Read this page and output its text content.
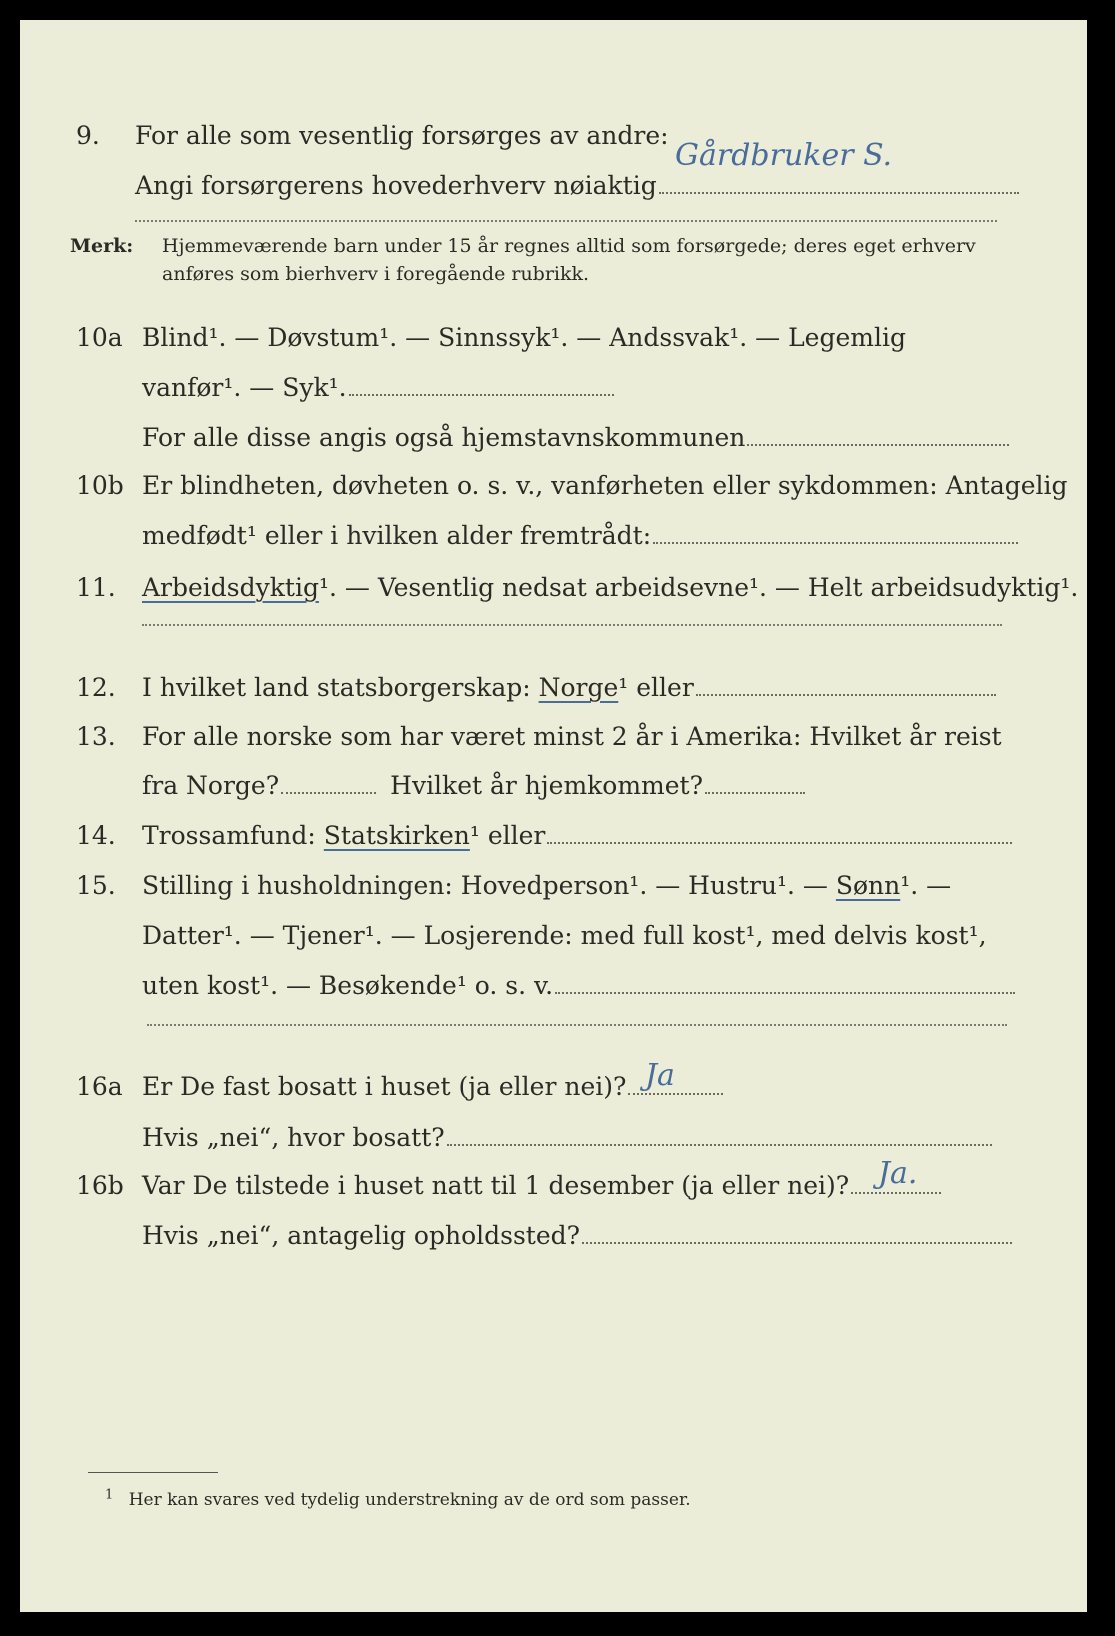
9. For alle som vesentlig forsørges av andre:
Angi forsørgerens hovederhverv nøiaktig
Gårdbruker S.
Merk: Hjemmeværende barn under 15 år regnes alltid som forsørgede; deres eget erhverv
anføres som bierhverv i foregående rubrikk.
10a Blind¹. — Døvstum¹. — Sinnssyk¹. — Andssvak¹. — Legemlig
vanfør¹. — Syk¹.
For alle disse angis også hjemstavnskommunen
10b Er blindheten, døvheten o. s. v., vanførheten eller sykdommen: Antagelig
medfødt¹ eller i hvilken alder fremtrådt:
11. Arbeidsdyktig¹. — Vesentlig nedsat arbeidsevne¹. — Helt arbeidsudyktig¹.
12. I hvilket land statsborgerskap: Norge¹ eller
13. For alle norske som har været minst 2 år i Amerika: Hvilket år reist
fra Norge?	Hvilket år hjemkommet?
14. Trossamfund: Statskirken¹ eller
15. Stilling i husholdningen: Hovedperson¹. — Hustru¹. — Sønn¹. —
Datter¹. — Tjener¹. — Losjerende: med full kost¹, med delvis kost¹,
uten kost¹. — Besøkende¹ o. s. v.
16a Er De fast bosatt i huset (ja eller nei)? Ja
Hvis „nei“, hvor bosatt?
16b Var De tilstede i huset natt til 1 desember (ja eller nei)? Ja.
Hvis „nei“, antagelig opholdssted?
$^1$ Her kan svares ved tydelig understrekning av de ord som passer.
